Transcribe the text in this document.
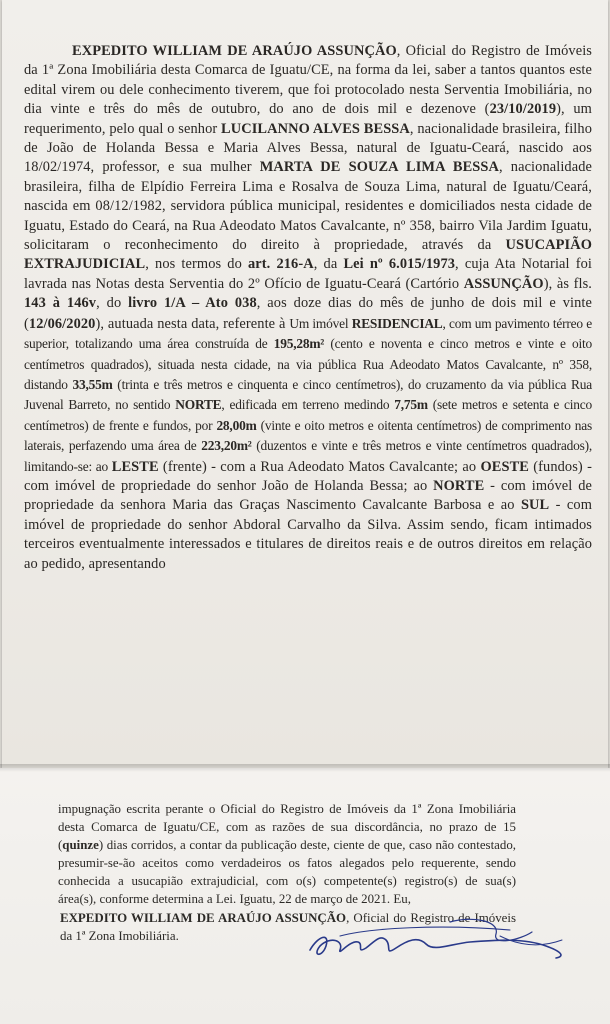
EXPEDITO WILLIAM DE ARAÚJO ASSUNÇÃO, Oficial do Registro de Imóveis da 1ª Zona Imobiliária desta Comarca de Iguatu/CE, na forma da lei, saber a tantos quantos este edital virem ou dele conhecimento tiverem, que foi protocolado nesta Serventia Imobiliária, no dia vinte e três do mês de outubro, do ano de dois mil e dezenove (23/10/2019), um requerimento, pelo qual o senhor LUCILANNO ALVES BESSA, nacionalidade brasileira, filho de João de Holanda Bessa e Maria Alves Bessa, natural de Iguatu-Ceará, nascido aos 18/02/1974, professor, e sua mulher MARTA DE SOUZA LIMA BESSA, nacionalidade brasileira, filha de Elpídio Ferreira Lima e Rosalva de Souza Lima, natural de Iguatu/Ceará, nascida em 08/12/1982, servidora pública municipal, residentes e domiciliados nesta cidade de Iguatu, Estado do Ceará, na Rua Adeodato Matos Cavalcante, nº 358, bairro Vila Jardim Iguatu, solicitaram o reconhecimento do direito à propriedade, através da USUCAPIÃO EXTRAJUDICIAL, nos termos do art. 216-A, da Lei nº 6.015/1973, cuja Ata Notarial foi lavrada nas Notas desta Serventia do 2º Ofício de Iguatu-Ceará (Cartório ASSUNÇÃO), às fls. 143 à 146v, do livro 1/A – Ato 038, aos doze dias do mês de junho de dois mil e vinte (12/06/2020), autuada nesta data, referente à Um imóvel RESIDENCIAL, com um pavimento térreo e superior, totalizando uma área construída de 195,28m² (cento e noventa e cinco metros e vinte e oito centímetros quadrados), situada nesta cidade, na via pública Rua Adeodato Matos Cavalcante, nº 358, distando 33,55m (trinta e três metros e cinquenta e cinco centímetros), do cruzamento da via pública Rua Juvenal Barreto, no sentido NORTE, edificada em terreno medindo 7,75m (sete metros e setenta e cinco centímetros) de frente e fundos, por 28,00m (vinte e oito metros e oitenta centímetros) de comprimento nas laterais, perfazendo uma área de 223,20m² (duzentos e vinte e três metros e vinte centímetros quadrados), limitando-se: ao LESTE (frente) - com a Rua Adeodato Matos Cavalcante; ao OESTE (fundos) - com imóvel de propriedade do senhor João de Holanda Bessa; ao NORTE - com imóvel de propriedade da senhora Maria das Graças Nascimento Cavalcante Barbosa e ao SUL - com imóvel de propriedade do senhor Abdoral Carvalho da Silva. Assim sendo, ficam intimados terceiros eventualmente interessados e titulares de direitos reais e de outros direitos em relação ao pedido, apresentando

impugnação escrita perante o Oficial do Registro de Imóveis da 1ª Zona Imobiliária desta Comarca de Iguatu/CE, com as razões de sua discordância, no prazo de 15 (quinze) dias corridos, a contar da publicação deste, ciente de que, caso não contestado, presumir-se-ão aceitos como verdadeiros os fatos alegados pelo requerente, sendo conhecida a usucapião extrajudicial, com o(s) competente(s) registro(s) de sua(s) área(s), conforme determina a Lei. Iguatu, 22 de março de 2021. Eu,

EXPEDITO WILLIAM DE ARAÚJO ASSUNÇÃO, Oficial do Registro de Imóveis da 1ª Zona Imobiliária.
